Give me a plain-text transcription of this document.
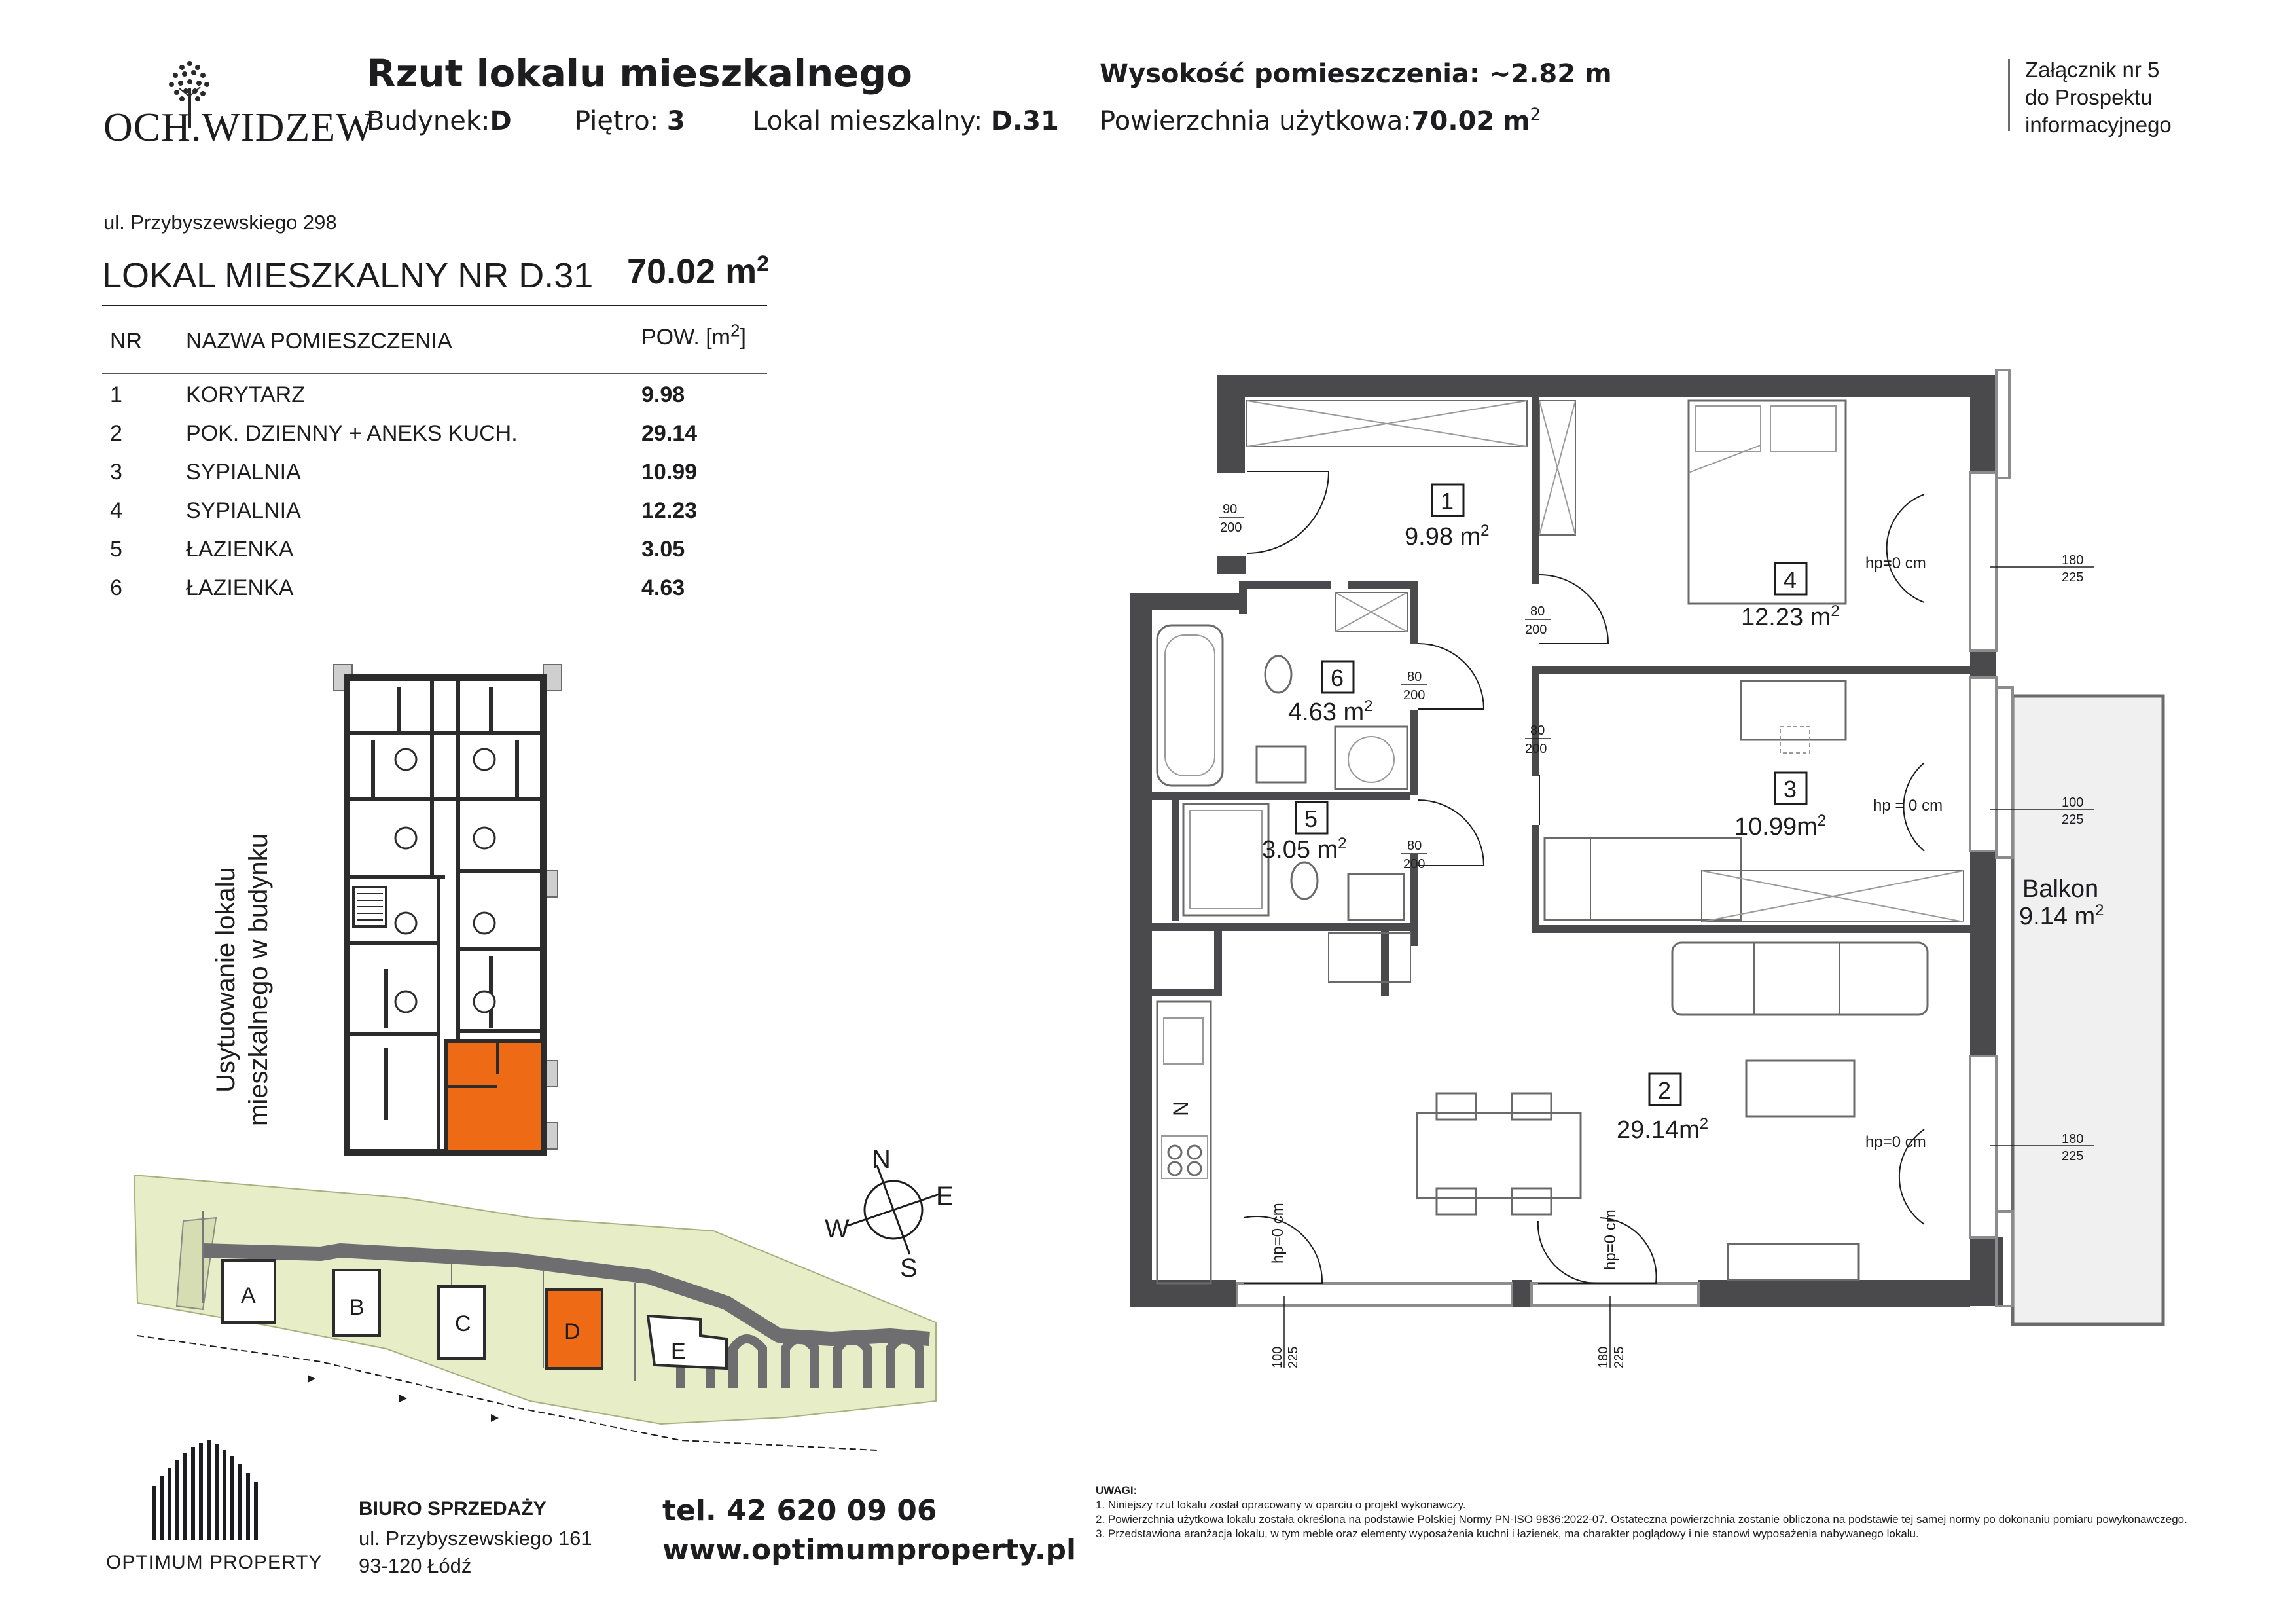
OCH.WIDZEW
Rzut lokalu mieszkalnego
Budynek:D Piętro: 3	Lokal mieszkalny: D.31
Wysokość pomieszczenia: ~2.82 m
Powierzchnia użytkowa:70.02 $m^2$
Załącznik nr 5
do Prospektu
informacyjnego
ul. Przybyszewskiego 298
LOKAL MIESZKALNY NR D.31 70.02 $m^2$
NR NAZWA POMIESZCZENIA	POW. $[m^2]$
1	KORYTARZ	9.98
2	POK. DZIENNY + ANEKS KUCH.	29.14
3	SYPIALNIA	10.99
4	SYPIALNIA	12.23
5	ŁAZIENKA	3.05
6	ŁAZIENKA	4.63
Usytuowanie lokalu mieszkalnego w budynku
A	B
C	D
E
N
E
S
W
N
1
2
3
4
5
6
9.98 $m^2$
$29.14m^2$
$10.99m^2$
12.23 $m^2$
3.05 $m^2$
4.63 $m^2$
Balkon
9.14 $m^2$
hp=0 cm
hp = 0 cm
hp=0 cm
hp=0 cm	hp=0 cm
90
200
80
200
80
200
80
200
80
200
180
225
100
225
180
225
100 225	180 225
OPTIMUM PROPERTY
BIURO SPRZEDAŻY
ul. Przybyszewskiego 161
93-120 Łódź
tel. 42 620 09 06
www.optimumproperty.pl
UWAGI:
1. Niniejszy rzut lokalu został opracowany w oparciu o projekt wykonawczy.
2. Powierzchnia użytkowa lokalu została określona na podstawie Polskiej Normy PN-ISO 9836:2022-07. Ostateczna powierzchnia zostanie obliczona na podstawie tej samej normy po dokonaniu pomiaru powykonawczego.
3. Przedstawiona aranżacja lokalu, w tym meble oraz elementy wyposażenia kuchni i łazienek, ma charakter poglądowy i nie stanowi wyposażenia nabywanego lokalu.
